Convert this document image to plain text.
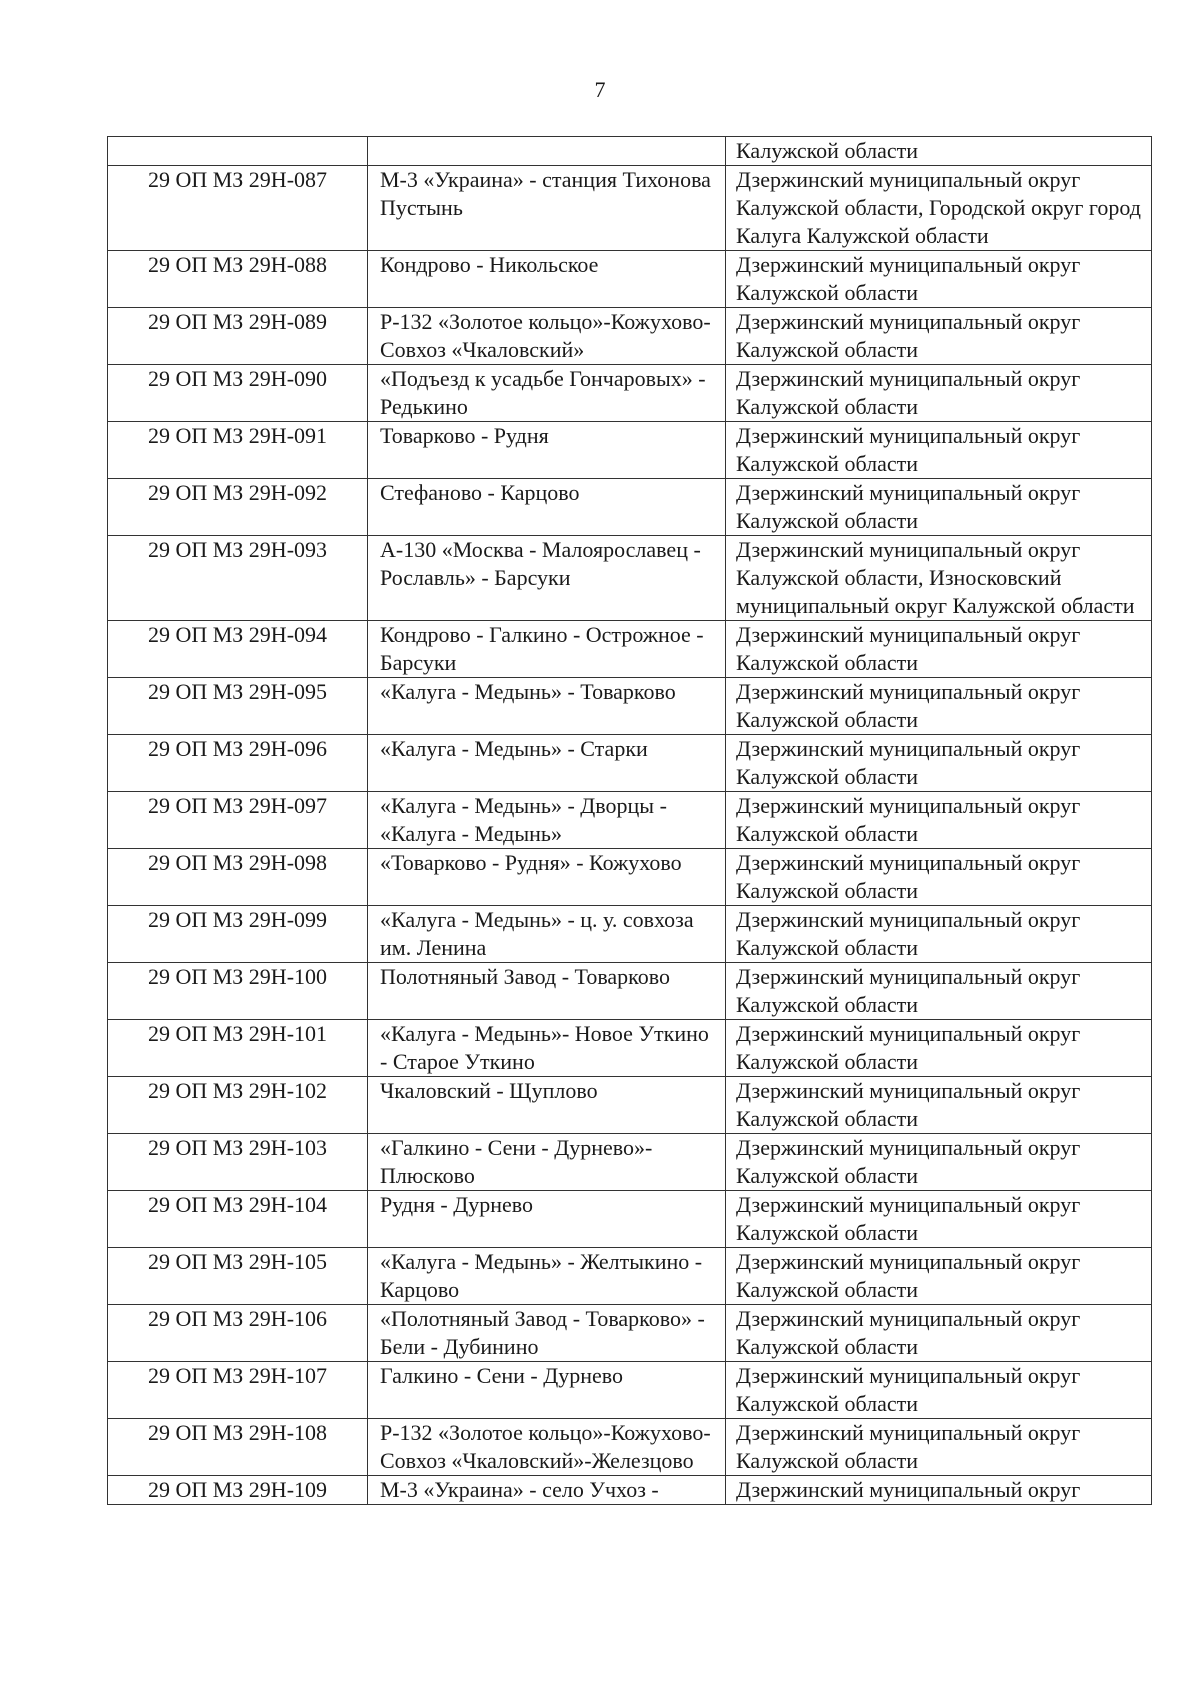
7

		Калужской области

29 ОП МЗ 29Н-087	М-3 «Украина» - станция Тихонова Пустынь	Дзержинский муниципальный округ Калужской области, Городской округ город Калуга Калужской области

29 ОП МЗ 29Н-088	Кондрово - Никольское	Дзержинский муниципальный округ Калужской области

29 ОП МЗ 29Н-089	Р-132 «Золотое кольцо»-Кожухово-Совхоз «Чкаловский»	Дзержинский муниципальный округ Калужской области

29 ОП МЗ 29Н-090	«Подъезд к усадьбе Гончаровых» - Редькино	Дзержинский муниципальный округ Калужской области

29 ОП МЗ 29Н-091	Товарково - Рудня	Дзержинский муниципальный округ Калужской области

29 ОП МЗ 29Н-092	Стефаново - Карцово	Дзержинский муниципальный округ Калужской области

29 ОП МЗ 29Н-093	А-130 «Москва - Малоярославец - Рославль» - Барсуки	Дзержинский муниципальный округ Калужской области, Износковский муниципальный округ Калужской области

29 ОП МЗ 29Н-094	Кондрово - Галкино - Острожное - Барсуки	Дзержинский муниципальный округ Калужской области

29 ОП МЗ 29Н-095	«Калуга - Медынь» - Товарково	Дзержинский муниципальный округ Калужской области

29 ОП МЗ 29Н-096	«Калуга - Медынь» - Старки	Дзержинский муниципальный округ Калужской области

29 ОП МЗ 29Н-097	«Калуга - Медынь» - Дворцы - «Калуга - Медынь»	Дзержинский муниципальный округ Калужской области

29 ОП МЗ 29Н-098	«Товарково - Рудня» - Кожухово	Дзержинский муниципальный округ Калужской области

29 ОП МЗ 29Н-099	«Калуга - Медынь» - ц. у. совхоза им. Ленина	Дзержинский муниципальный округ Калужской области

29 ОП МЗ 29Н-100	Полотняный Завод - Товарково	Дзержинский муниципальный округ Калужской области

29 ОП МЗ 29Н-101	«Калуга - Медынь»- Новое Уткино - Старое Уткино	Дзержинский муниципальный округ Калужской области

29 ОП МЗ 29Н-102	Чкаловский - Щуплово	Дзержинский муниципальный округ Калужской области

29 ОП МЗ 29Н-103	«Галкино - Сени - Дурнево»-Плюсково	Дзержинский муниципальный округ Калужской области

29 ОП МЗ 29Н-104	Рудня - Дурнево	Дзержинский муниципальный округ Калужской области

29 ОП МЗ 29Н-105	«Калуга - Медынь» - Желтыкино - Карцово	Дзержинский муниципальный округ Калужской области

29 ОП МЗ 29Н-106	«Полотняный Завод - Товарково» - Бели - Дубинино	Дзержинский муниципальный округ Калужской области

29 ОП МЗ 29Н-107	Галкино - Сени - Дурнево	Дзержинский муниципальный округ Калужской области

29 ОП МЗ 29Н-108	Р-132 «Золотое кольцо»-Кожухово-Совхоз «Чкаловский»-Железцово	Дзержинский муниципальный округ Калужской области

29 ОП МЗ 29Н-109	М-3 «Украина» - село Учхоз -	Дзержинский муниципальный округ
